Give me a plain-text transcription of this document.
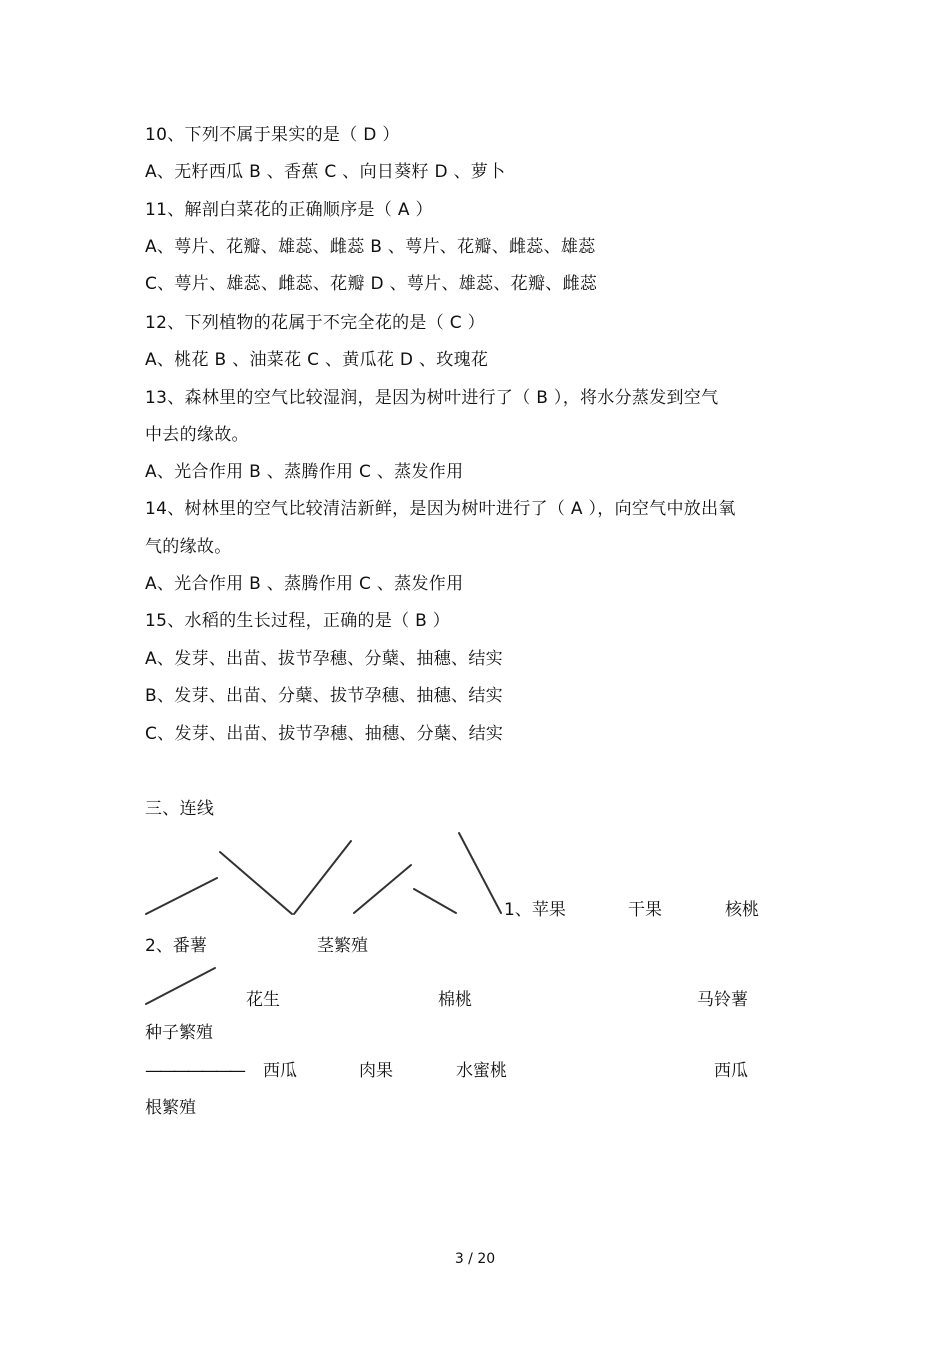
10、下列不属于果实的是（ D ）
A、无籽西瓜 B 、香蕉 C 、向日葵籽 D 、萝卜
11、解剖白菜花的正确顺序是（ A ）
A、萼片、花瓣、雄蕊、雌蕊 B 、萼片、花瓣、雌蕊、雄蕊
C、萼片、雄蕊、雌蕊、花瓣 D 、萼片、雄蕊、花瓣、雌蕊
12、下列植物的花属于不完全花的是（ C ）
A、桃花 B 、油菜花 C 、黄瓜花 D 、玫瑰花
13、森林里的空气比较湿润，是因为树叶进行了（ B ），将水分蒸发到空气
中去的缘故。
A、光合作用 B 、蒸腾作用 C 、蒸发作用
14、树林里的空气比较清洁新鲜，是因为树叶进行了（ A ），向空气中放出氧
气的缘故。
A、光合作用 B 、蒸腾作用 C 、蒸发作用
15、水稻的生长过程，正确的是（ B ）
A、发芽、出苗、拔节孕穗、分蘖、抽穗、结实
B、发芽、出苗、分蘖、拔节孕穗、抽穗、结实
C、发芽、出苗、拔节孕穗、抽穗、分蘖、结实
三、连线
1、苹果	干果	核桃
2、番薯	茎繁殖
花生	棉桃	马铃薯
种子繁殖
——————— 西瓜	肉果	水蜜桃	西瓜
根繁殖
3 / 20
